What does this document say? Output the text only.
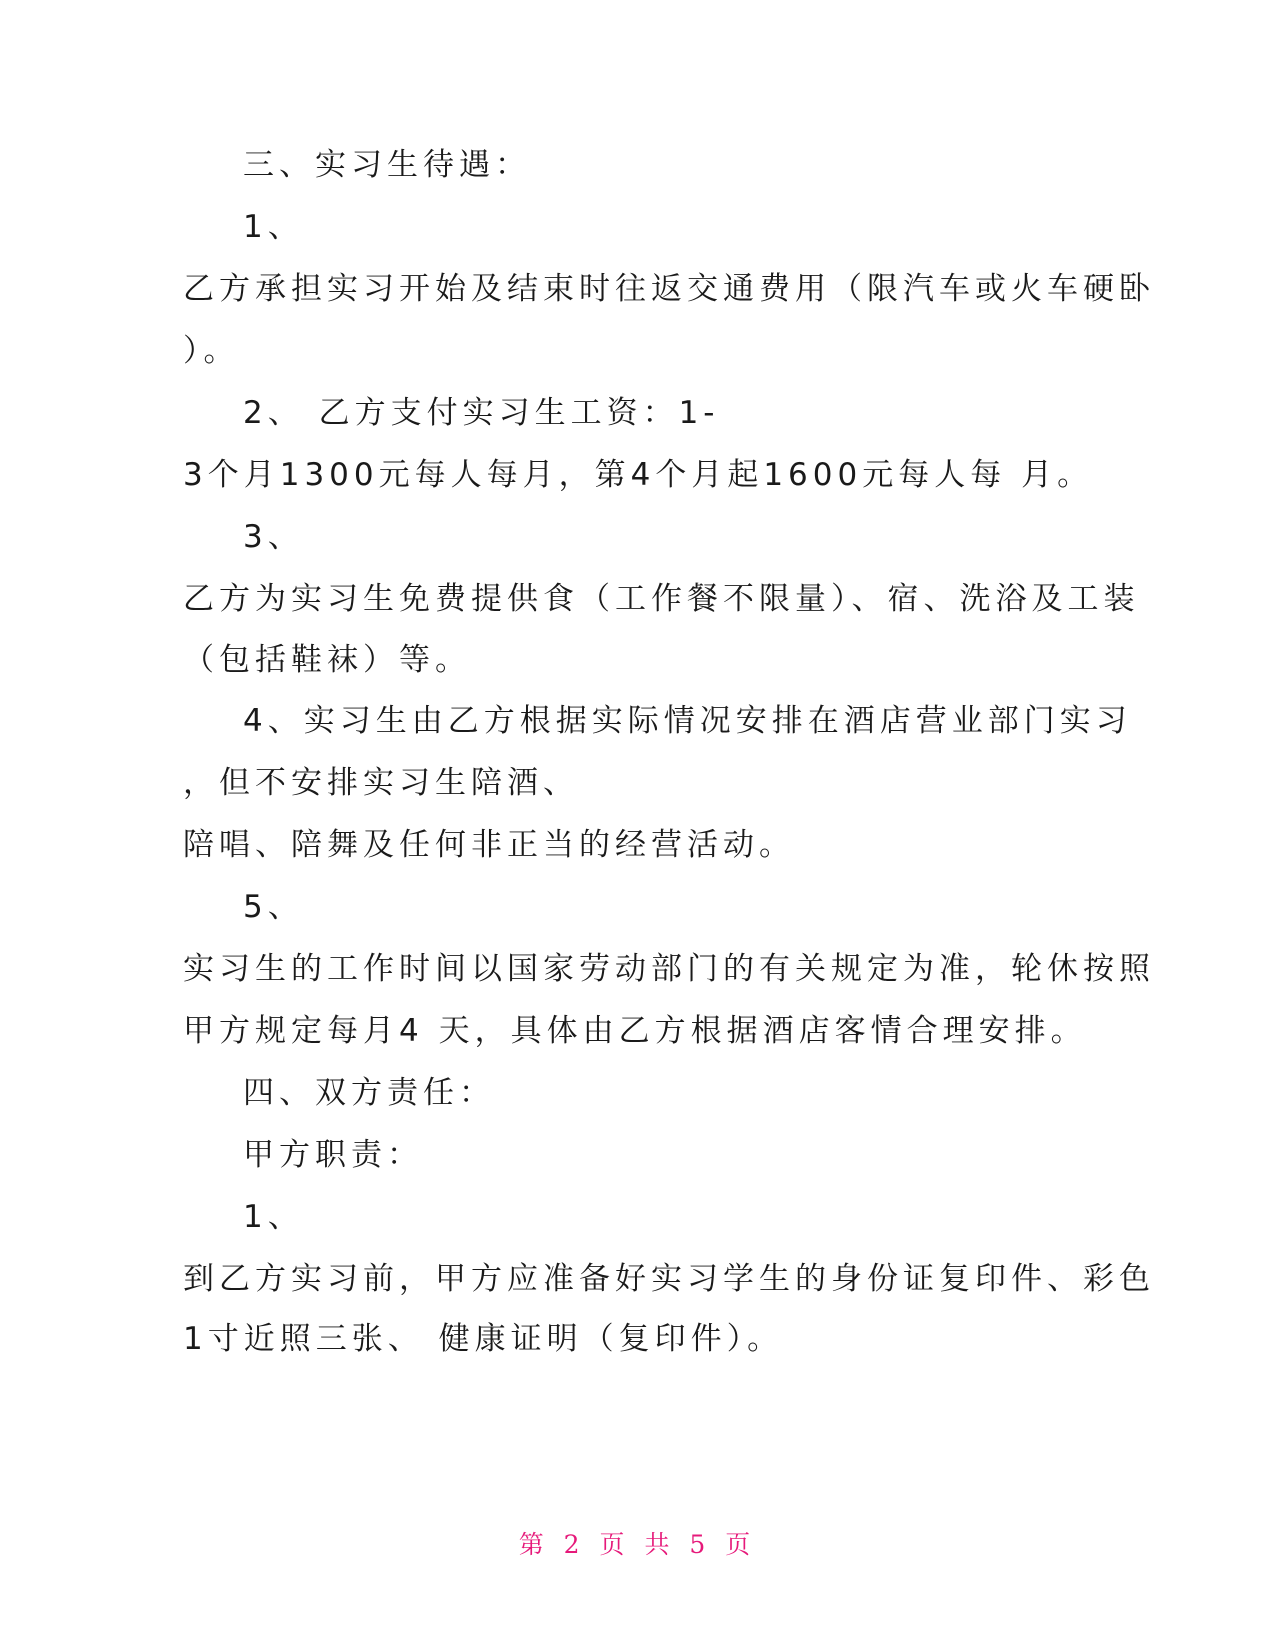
三、实习生待遇：
1、
乙方承担实习开始及结束时往返交通费用（限汽车或火车硬卧
）。
2、 乙方支付实习生工资：1-
3个月1300元每人每月，第4个月起1600元每人每 月。
3、
乙方为实习生免费提供食（工作餐不限量）、宿、洗浴及工装
（包括鞋袜）等。
4、实习生由乙方根据实际情况安排在酒店营业部门实习
，但不安排实习生陪酒、
陪唱、陪舞及任何非正当的经营活动。
5、
实习生的工作时间以国家劳动部门的有关规定为准，轮休按照
甲方规定每月4 天，具体由乙方根据酒店客情合理安排。
四、双方责任：
甲方职责：
1、
到乙方实习前，甲方应准备好实习学生的身份证复印件、彩色
1寸近照三张、 健康证明（复印件）。
第 2 页 共 5 页
